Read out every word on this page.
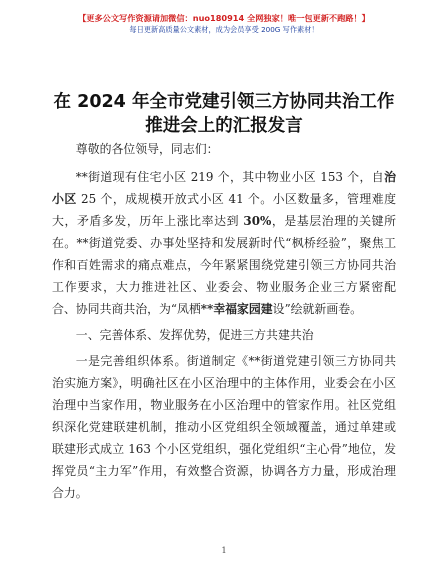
【更多公文写作资源请加微信：nuo180914 全网独家！唯一包更新不跑路！】
每日更新高质量公文素材，成为会员享受 200G 写作素材！
在 2024 年全市党建引领三方协同共治工作推进会上的汇报发言

尊敬的各位领导，同志们：

**街道现有住宅小区 219 个，其中物业小区 153 个，自治小区 25 个，成规模开放式小区 41 个。小区数量多，管理难度大，矛盾多发，历年上涨比率达到 30%，是基层治理的关键所在。**街道党委、办事处坚持和发展新时代“枫桥经验”，聚焦工作和百姓需求的痛点难点，今年紧紧围绕党建引领三方协同共治工作要求，大力推进社区、业委会、物业服务企业三方紧密配合、协同共商共治，为“凤栖**幸福家园建设”绘就新画卷。

一、完善体系、发挥优势，促进三方共建共治

一是完善组织体系。街道制定《**街道党建引领三方协同共治实施方案》，明确社区在小区治理中的主体作用，业委会在小区治理中当家作用，物业服务在小区治理中的管家作用。社区党组织深化党建联建机制，推动小区党组织全领域覆盖，通过单建或联建形式成立 163 个小区党组织，强化党组织“主心骨”地位，发挥党员“主力军”作用，有效整合资源，协调各方力量，形成治理合力。

1
